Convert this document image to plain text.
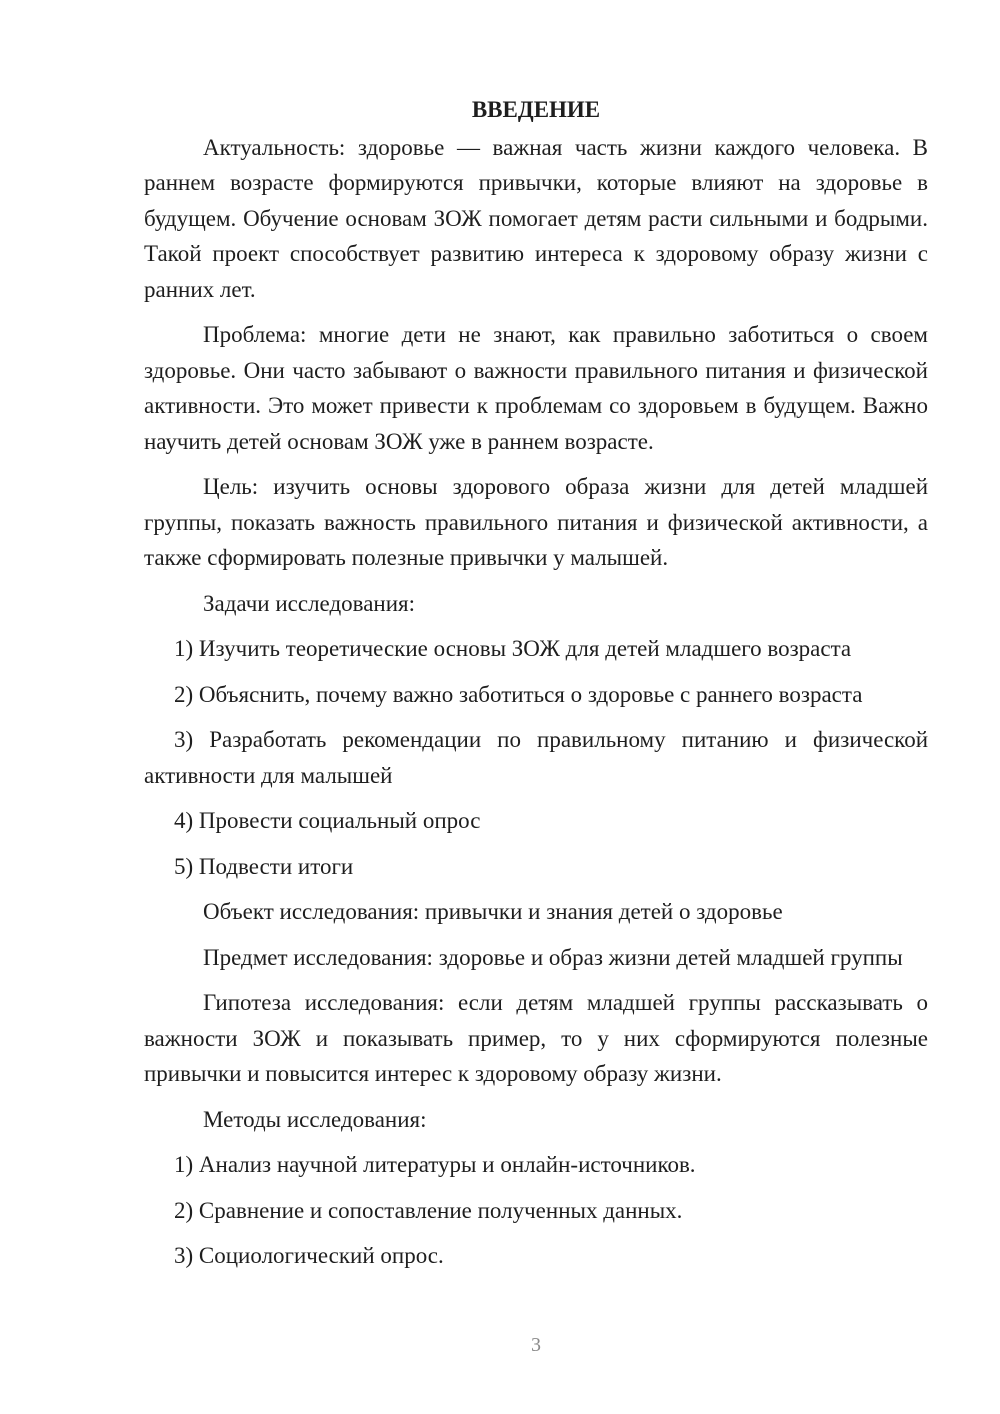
ВВЕДЕНИЕ

Актуальность: здоровье — важная часть жизни каждого человека. В раннем возрасте формируются привычки, которые влияют на здоровье в будущем. Обучение основам ЗОЖ помогает детям расти сильными и бодрыми. Такой проект способствует развитию интереса к здоровому образу жизни с ранних лет.

Проблема: многие дети не знают, как правильно заботиться о своем здоровье. Они часто забывают о важности правильного питания и физической активности. Это может привести к проблемам со здоровьем в будущем. Важно научить детей основам ЗОЖ уже в раннем возрасте.

Цель: изучить основы здорового образа жизни для детей младшей группы, показать важность правильного питания и физической активности, а также сформировать полезные привычки у малышей.

Задачи исследования:

1) Изучить теоретические основы ЗОЖ для детей младшего возраста

2) Объяснить, почему важно заботиться о здоровье с раннего возраста

3) Разработать рекомендации по правильному питанию и физической активности для малышей

4) Провести социальный опрос

5) Подвести итоги

Объект исследования: привычки и знания детей о здоровье

Предмет исследования: здоровье и образ жизни детей младшей группы

Гипотеза исследования: если детям младшей группы рассказывать о важности ЗОЖ и показывать пример, то у них сформируются полезные привычки и повысится интерес к здоровому образу жизни.

Методы исследования:

1) Анализ научной литературы и онлайн-источников.

2) Сравнение и сопоставление полученных данных.

3) Социологический опрос.

3
